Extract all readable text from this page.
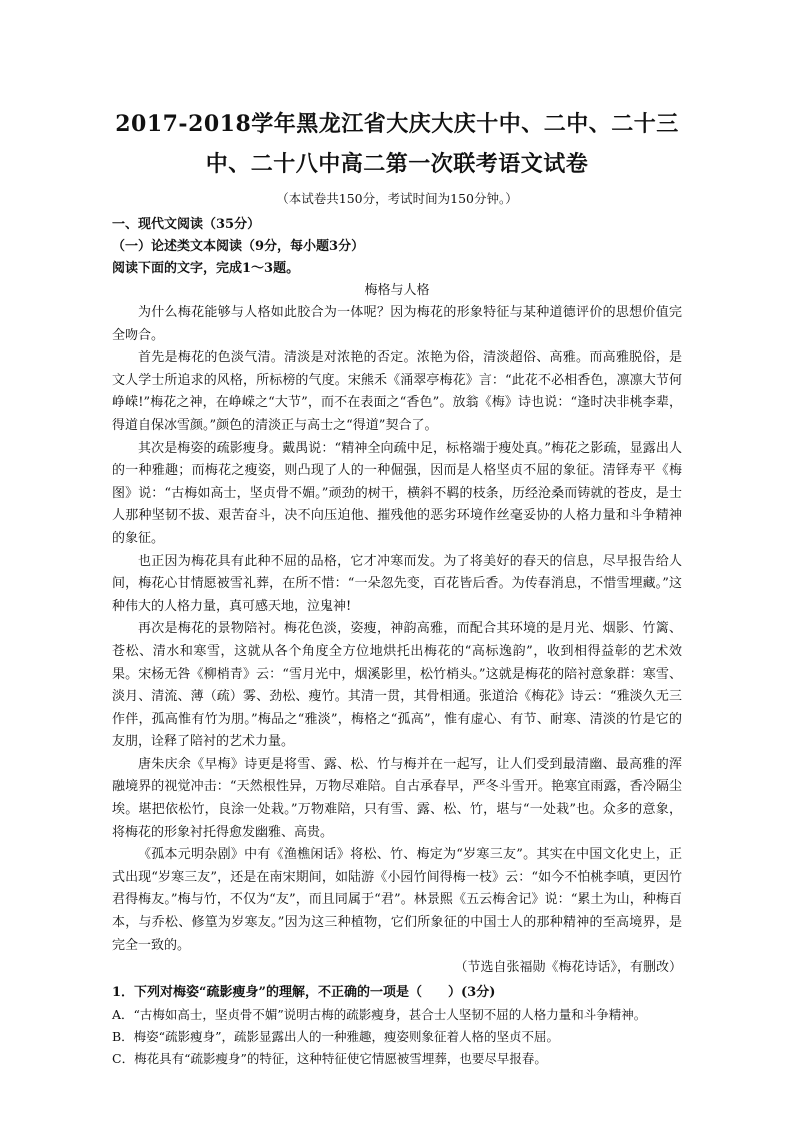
2017-2018学年黑龙江省大庆大庆十中、二中、二十三
中、二十八中高二第一次联考语文试卷

（本试卷共150分，考试时间为150分钟。）

一、现代文阅读（35分）

（一）论述类文本阅读（9分，每小题3分）

阅读下面的文字，完成1～3题。

梅格与人格

为什么梅花能够与人格如此胶合为一体呢？因为梅花的形象特征与某种道德评价的思想价值完全吻合。

首先是梅花的色淡气清。清淡是对浓艳的否定。浓艳为俗，清淡超俗、高雅。而高雅脱俗，是文人学士所追求的风格，所标榜的气度。宋熊禾《涌翠亭梅花》言：“此花不必相香色，凛凛大节何峥嵘!”梅花之神，在峥嵘之“大节”，而不在表面之“香色”。放翁《梅》诗也说：“逢时决非桃李辈，得道自保冰雪颜。”颜色的清淡正与高士之“得道”契合了。

其次是梅姿的疏影瘦身。戴禺说：“精神全向疏中足，标格端于瘦处真。”梅花之影疏，显露出人的一种雅趣；而梅花之瘦姿，则凸现了人的一种倔强，因而是人格坚贞不屈的象征。清铎寿平《梅图》说：“古梅如高士，坚贞骨不媚。”顽劲的树干，横斜不羁的枝条，历经沧桑而铸就的苍皮，是士人那种坚韧不拔、艰苦奋斗，决不向压迫他、摧残他的恶劣环境作丝毫妥协的人格力量和斗争精神的象征。

也正因为梅花具有此种不屈的品格，它才冲寒而发。为了将美好的春天的信息，尽早报告给人间，梅花心甘情愿被雪礼葬，在所不惜：“一朵忽先变，百花皆后香。为传春消息，不惜雪埋藏。”这种伟大的人格力量，真可感天地，泣鬼神!

再次是梅花的景物陪衬。梅花色淡，姿瘦，神韵高雅，而配合其环境的是月光、烟影、竹篱、苍松、清水和寒雪，这就从各个角度全方位地烘托出梅花的“高标逸韵”，收到相得益彰的艺术效果。宋杨无咎《柳梢青》云：“雪月光中，烟溪影里，松竹梢头。”这就是梅花的陪衬意象群：寒雪、淡月、清流、薄（疏）雾、劲松、瘦竹。其清一贯，其骨相通。张道洽《梅花》诗云：“雅淡久无三作伴，孤高惟有竹为朋。”梅品之“雅淡”，梅格之“孤高”，惟有虚心、有节、耐寒、清淡的竹是它的友朋，诠释了陪衬的艺术力量。

唐朱庆余《早梅》诗更是将雪、露、松、竹与梅并在一起写，让人们受到最清幽、最高雅的浑融境界的视觉冲击：“天然根性异，万物尽难陪。自古承春早，严冬斗雪开。艳寒宜雨露，香冷隔尘埃。堪把依松竹，良涂一处栽。”万物难陪，只有雪、露、松、竹，堪与“一处栽”也。众多的意象，将梅花的形象衬托得愈发幽雅、高贵。

《孤本元明杂剧》中有《渔樵闲话》将松、竹、梅定为“岁寒三友”。其实在中国文化史上，正式出现“岁寒三友”，还是在南宋期间，如陆游《小园竹间得梅一枝》云：“如今不怕桃李嗔，更因竹君得梅友。”梅与竹，不仅为“友”，而且同属于“君”。林景熙《五云梅舍记》说：“累土为山，种梅百本，与乔松、修篁为岁寒友。”因为这三种植物，它们所象征的中国士人的那种精神的至高境界，是完全一致的。

（节选自张福勋《梅花诗话》，有删改）

1．下列对梅姿“疏影瘦身”的理解，不正确的一项是（　　）(3分)

A．“古梅如高士，坚贞骨不媚”说明古梅的疏影瘦身，甚合士人坚韧不屈的人格力量和斗争精神。

B．梅姿“疏影瘦身”，疏影显露出人的一种雅趣，瘦姿则象征着人格的坚贞不屈。

C．梅花具有“疏影瘦身”的特征，这种特征使它情愿被雪埋葬，也要尽早报春。
